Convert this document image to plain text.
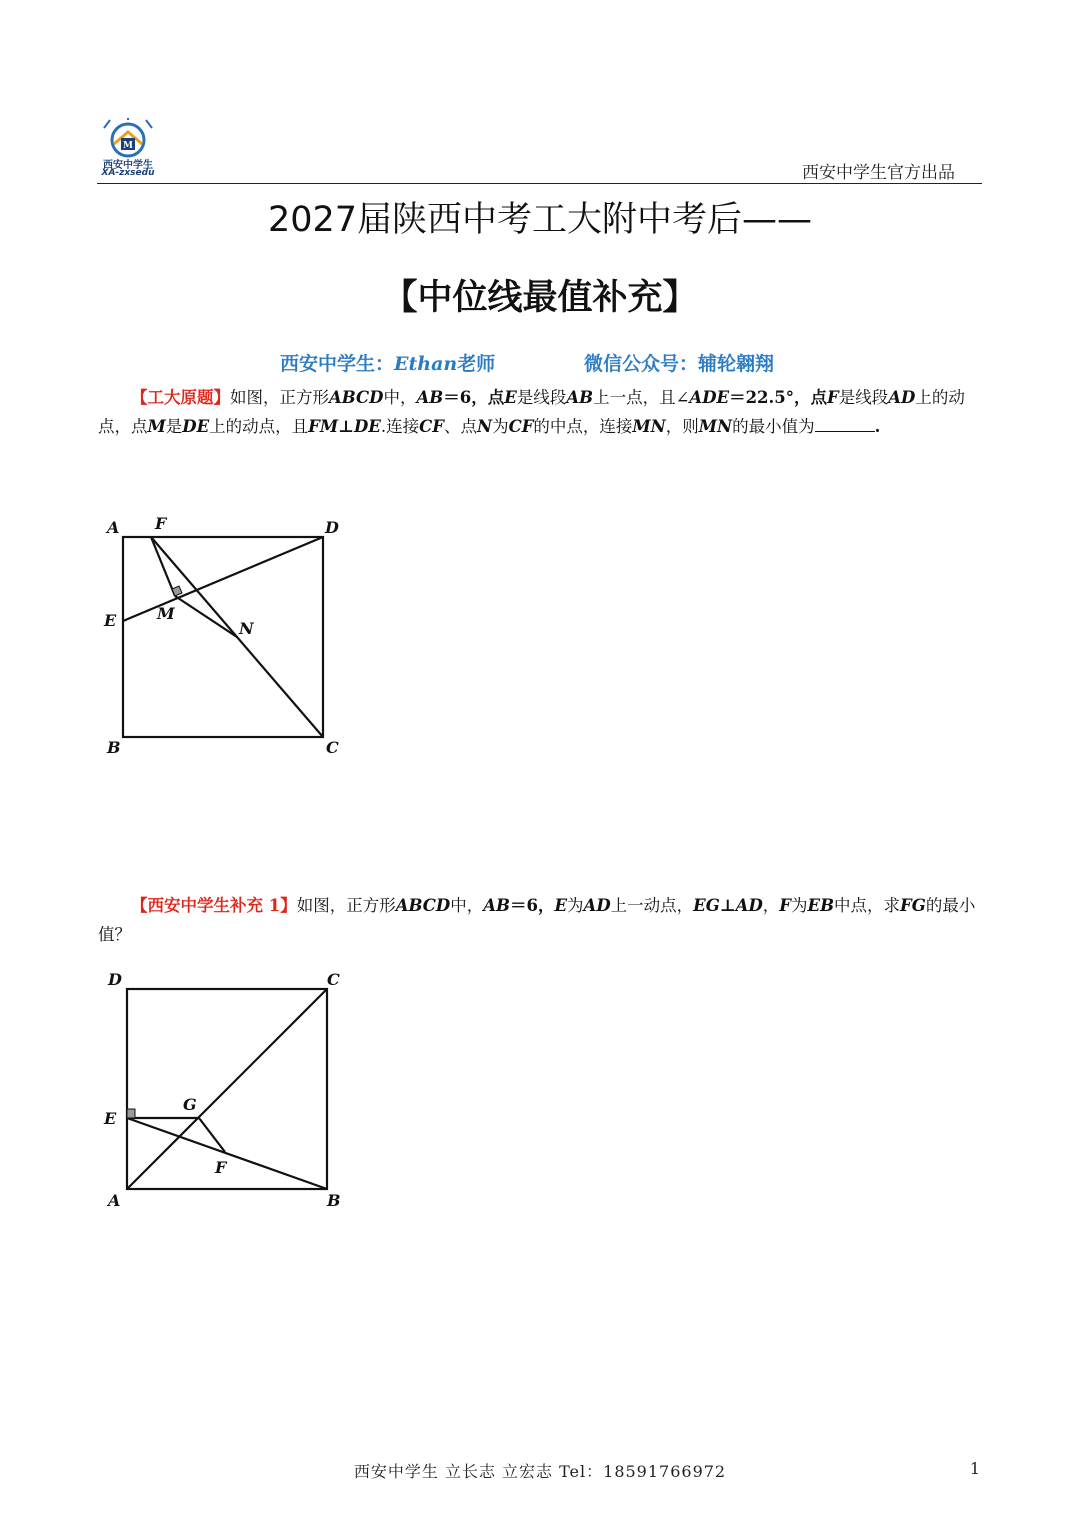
M
西安中学生
XA-zxsedu	西安中学生官方出品
2027届陕西中考工大附中考后——
【中位线最值补充】
西安中学生：Ethan老师	微信公众号：辅轮翱翔
【工大原题】如图，正方形ABCD中，AB＝6，点E是线段AB上一点，且∠ADE＝22.5°，点F是线段AD上的动点，点M是DE上的动点，且FM⊥DE.连接CF、点N为CF的中点，连接MN，则MN的最小值为	.
A F	D
E	M
N
B	C
【西安中学生补充 1】如图，正方形ABCD中，AB＝6，E为AD上一动点，EG⊥AD，F为EB中点，求FG的最小值？
D	C
E
G
F
A	B
西安中学生 立长志 立宏志 Tel：18591766972	1
